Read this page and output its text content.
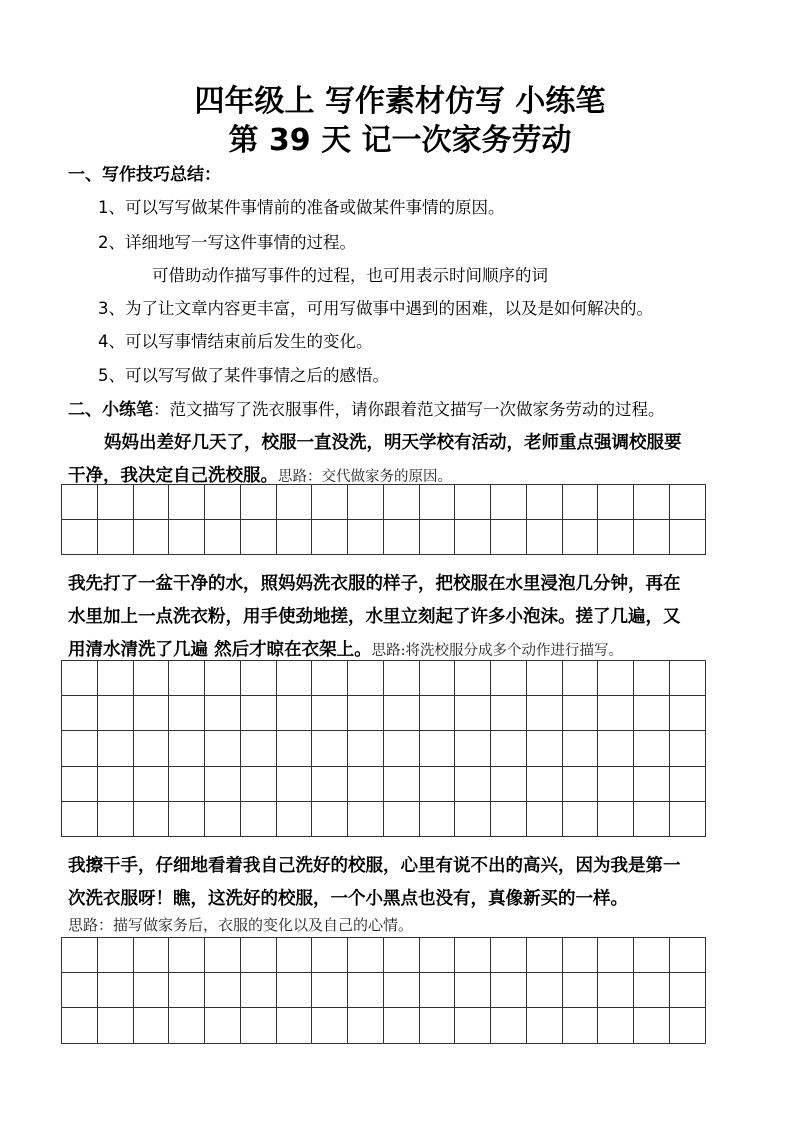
四年级上 写作素材仿写 小练笔
第 39 天 记一次家务劳动
一、写作技巧总结：
1、可以写写做某件事情前的准备或做某件事情的原因。
2、详细地写一写这件事情的过程。
可借助动作描写事件的过程，也可用表示时间顺序的词
3、为了让文章内容更丰富，可用写做事中遇到的困难，以及是如何解决的。
4、可以写事情结束前后发生的变化。
5、可以写写做了某件事情之后的感悟。
二、小练笔：范文描写了洗衣服事件，请你跟着范文描写一次做家务劳动的过程。
妈妈出差好几天了，校服一直没洗，明天学校有活动，老师重点强调校服要
干净，我决定自己洗校服。思路：交代做家务的原因。
我先打了一盆干净的水，照妈妈洗衣服的样子，把校服在水里浸泡几分钟，再在
水里加上一点洗衣粉，用手使劲地搓，水里立刻起了许多小泡沫。搓了几遍，又
用清水清洗了几遍 然后才晾在衣架上。思路:将洗校服分成多个动作进行描写。
我擦干手，仔细地看着我自己洗好的校服，心里有说不出的高兴，因为我是第一
次洗衣服呀！瞧，这洗好的校服，一个小黑点也没有，真像新买的一样。
思路：描写做家务后，衣服的变化以及自己的心情。
